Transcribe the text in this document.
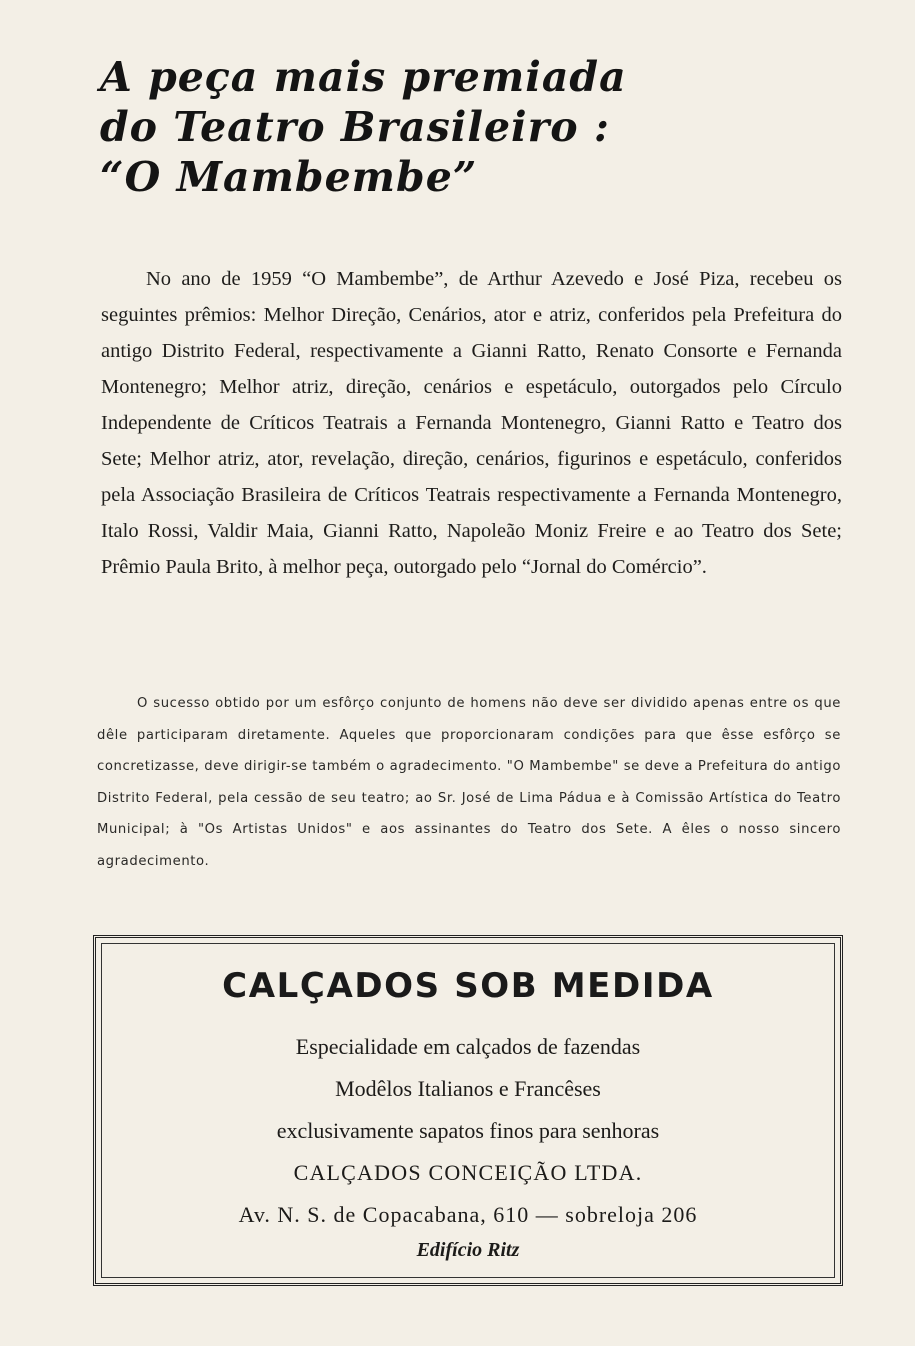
A peça mais premiada
do Teatro Brasileiro :
“O Mambembe”

No ano de 1959 “O Mambembe”, de Arthur Azevedo e José Piza, recebeu os seguintes prêmios: Melhor Direção, Cenários, ator e atriz, conferidos pela Prefeitura do antigo Distrito Federal, respectivamente a Gianni Ratto, Renato Consorte e Fernanda Montenegro; Melhor atriz, direção, cenários e espetáculo, outorgados pelo Círculo Independente de Críticos Teatrais a Fernanda Montenegro, Gianni Ratto e Teatro dos Sete; Melhor atriz, ator, revelação, direção, cenários, figurinos e espetáculo, conferidos pela Associação Brasileira de Críticos Teatrais respectivamente a Fernanda Montenegro, Italo Rossi, Valdir Maia, Gianni Ratto, Napoleão Moniz Freire e ao Teatro dos Sete; Prêmio Paula Brito, à melhor peça, outorgado pelo “Jornal do Comércio”.

O sucesso obtido por um esfôrço conjunto de homens não deve ser dividido apenas entre os que dêle participaram diretamente. Aqueles que proporcionaram condições para que êsse esfôrço se concretizasse, deve dirigir-se também o agradecimento. "O Mambembe" se deve a Prefeitura do antigo Distrito Federal, pela cessão de seu teatro; ao Sr. José de Lima Pádua e à Comissão Artística do Teatro Municipal; à "Os Artistas Unidos" e aos assinantes do Teatro dos Sete. A êles o nosso sincero agradecimento.

CALÇADOS SOB MEDIDA
Especialidade em calçados de fazendas
Modêlos Italianos e Francêses
exclusivamente sapatos finos para senhoras
CALÇADOS CONCEIÇÃO LTDA.
Av. N. S. de Copacabana, 610 — sobreloja 206
Edifício Ritz
